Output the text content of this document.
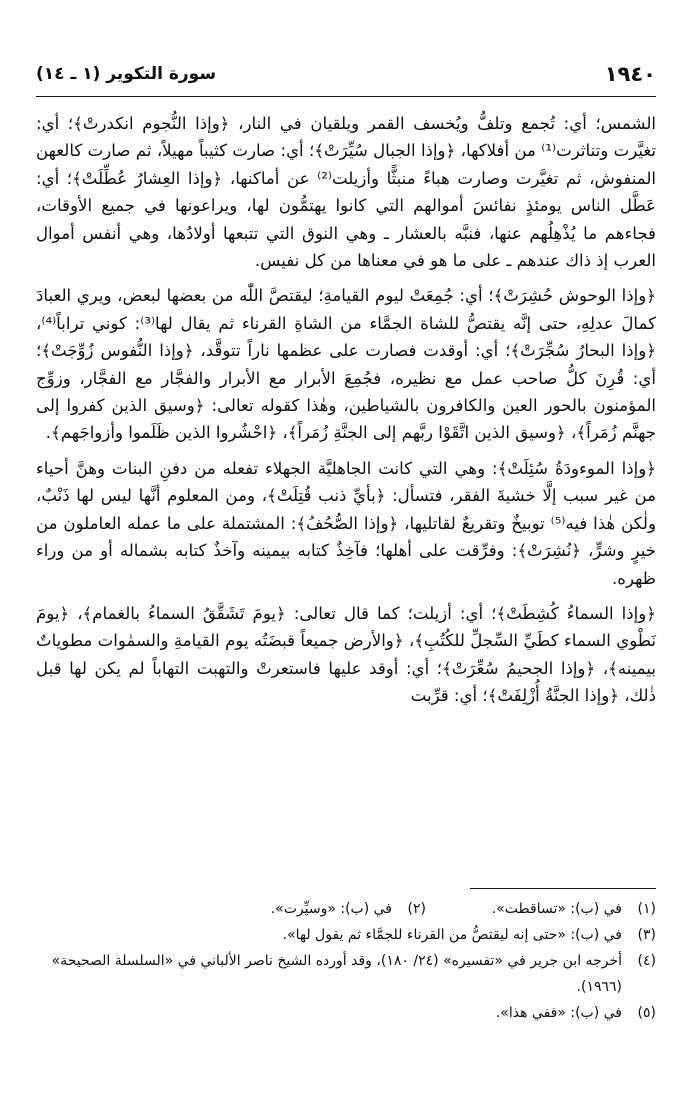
١٩٤٠
سورة التكوير (١ ـ ١٤)

الشمس؛ أي: تُجمع وتلفُّ ويُخسف القمر ويلقيان في النار، ﴿وإذا النُّجوم انكدرتْ﴾؛ أي: تغيَّرت وتناثرت⁽¹⁾ من أفلاكها، ﴿وإذا الجبال سُيِّرَتْ﴾؛ أي: صارت كثيباً مهيلاً، ثم صارت كالعهن المنفوش، ثم تغيَّرت وصارت هباءً منبثًّا وأزيلت⁽²⁾ عن أماكنها، ﴿وإذا العِشارُ عُطِّلَتْ﴾؛ أي: عَطَّل الناس يومئذٍ نفائسَ أموالهم التي كانوا يهتمُّون لها، ويراعونها في جميع الأوقات، فجاءهم ما يُذْهِلُهم عنها، فنبَّه بالعشار ـ وهي النوق التي تتبعها أولادُها، وهي أنفس أموال العرب إذ ذاك عندهم ـ على ما هو في معناها من كل نفيس.

﴿وإذا الوحوش حُشِرَتْ﴾؛ أي: جُمِعَتْ ليوم القيامةِ؛ ليقتصَّ اللّٰه من بعضها لبعض، ويري العبادَ كمالَ عدلِهِ، حتى إنَّه يقتصُّ للشاة الجمَّاء من الشاةِ القرناء ثم يقال لها⁽³⁾: كوني تراباً⁽⁴⁾، ﴿وإذا البحارُ سُجِّرَتْ﴾؛ أي: أوقدت فصارت على عظمها ناراً تتوقَّد، ﴿وإذا النُّفوس زُوِّجَتْ﴾؛ أي: قُرِنَ كلُّ صاحب عمل مع نظيره، فجُمِعَ الأبرار مع الأبرار والفجَّار مع الفجَّار، وزوِّج المؤمنون بالحور العين والكافرون بالشياطين، وهٰذا كقوله تعالى: ﴿وسيق الذين كفروا إلى جهنَّم زُمَراً﴾، ﴿وسيق الذين اتَّقَوْا ربَّهم إلى الجنَّةِ زُمَراً﴾، ﴿احْشُروا الذين ظَلَموا وأزواجَهم﴾.

﴿وإذا الموءودَةُ سُئِلَتْ﴾: وهي التي كانت الجاهليَّة الجهلاء تفعله من دفنِ البنات وهنَّ أحياء من غير سبب إلَّا خشيةَ الفقر، فتسأل: ﴿بأيِّ ذنب قُتِلَتْ﴾، ومن المعلوم أنَّها ليس لها ذَنْبٌ، ولٰكن هٰذا فيه⁽⁵⁾ توبيخٌ وتقريعٌ لقاتليها، ﴿وإذا الصُّحُفُ﴾: المشتملة على ما عمله العاملون من خيرٍ وشرٍّ، ﴿نُشِرَتْ﴾: وفرِّقت على أهلها؛ فآخِذٌ كتابه بيمينه وآخذٌ كتابه بشماله أو من وراء ظهره.

﴿وإذا السماءُ كُشِطَتْ﴾؛ أي: أزيلت؛ كما قال تعالى: ﴿يومَ تَشَقَّقُ السماءُ بالغمام﴾، ﴿يومَ نَطْوي السماء كطَيِّ السِّجلِّ للكُتُبِ﴾، ﴿والأرض جميعاً قبضَتُه يوم القيامةِ والسمٰوات مطوياتٌ بيمينه﴾، ﴿وإذا الجحيمُ سُعِّرَتْ﴾؛ أي: أوقد عليها فاستعرتْ والتهبت التهاباً لم يكن لها قبل ذٰلك، ﴿وإذا الجنَّةُ أُزْلِفَتْ﴾؛ أي: قرِّبت

(١)
في (ب): «تساقطت».
(٢)
في (ب): «وسيِّرت».
(٣)
في (ب): «حتى إنه ليقتصُّ من القرناء للجمَّاء ثم يقول لها».
(٤)
أخرجه ابن جرير في «تفسيره» (٢٤/ ١٨٠)، وقد أورده الشيخ ناصر الألباني في «السلسلة الصحيحة» (١٩٦٦).
(٥)
في (ب): «ففي هذا».
